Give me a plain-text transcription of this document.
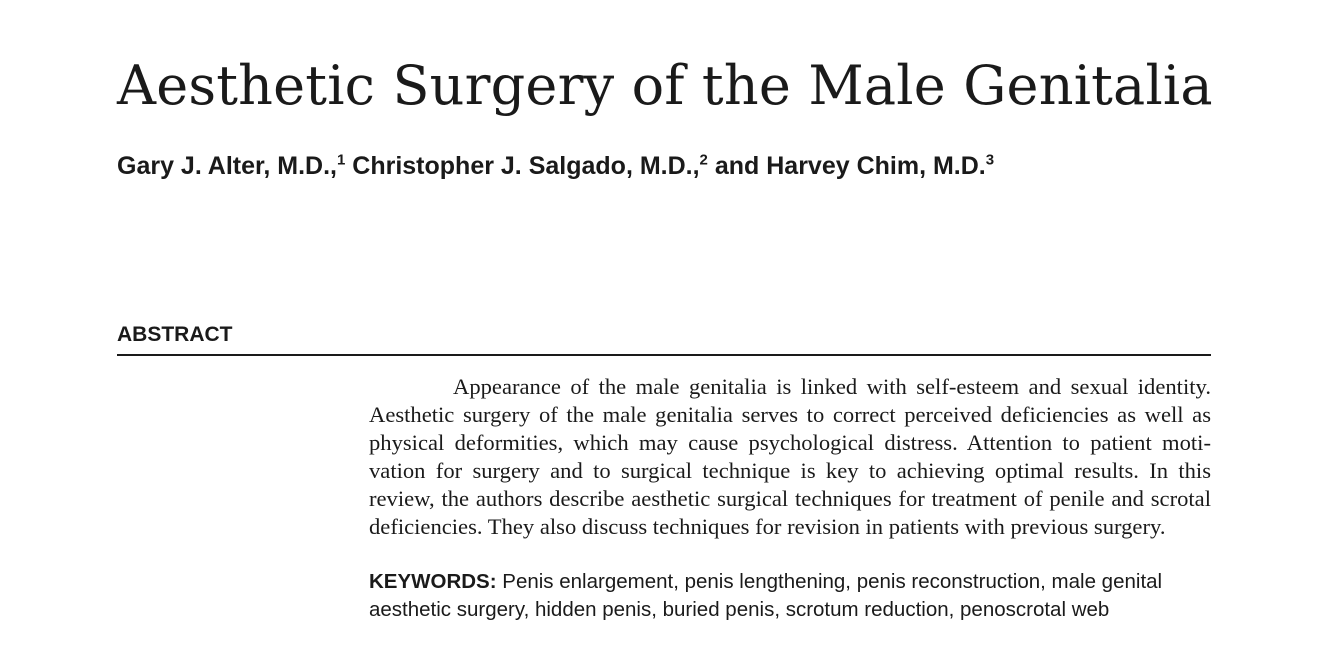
Aesthetic Surgery of the Male Genitalia
Gary J. Alter, M.D.,$^1$ Christopher J. Salgado, M.D.,$^2$ and Harvey Chim, M.D.$^3$
ABSTRACT

Appearance of the male genitalia is linked with self-esteem and sexual identity. Aesthetic surgery of the male genitalia serves to correct perceived deficiencies as well as physical deformities, which may cause psychological distress. Attention to patient motivation for surgery and to surgical technique is key to achieving optimal results. In this review, the authors describe aesthetic surgical techniques for treatment of penile and scrotal deficiencies. They also discuss techniques for revision in patients with previous surgery.

KEYWORDS: Penis enlargement, penis lengthening, penis reconstruction, male genital aesthetic surgery, hidden penis, buried penis, scrotum reduction, penoscrotal web
